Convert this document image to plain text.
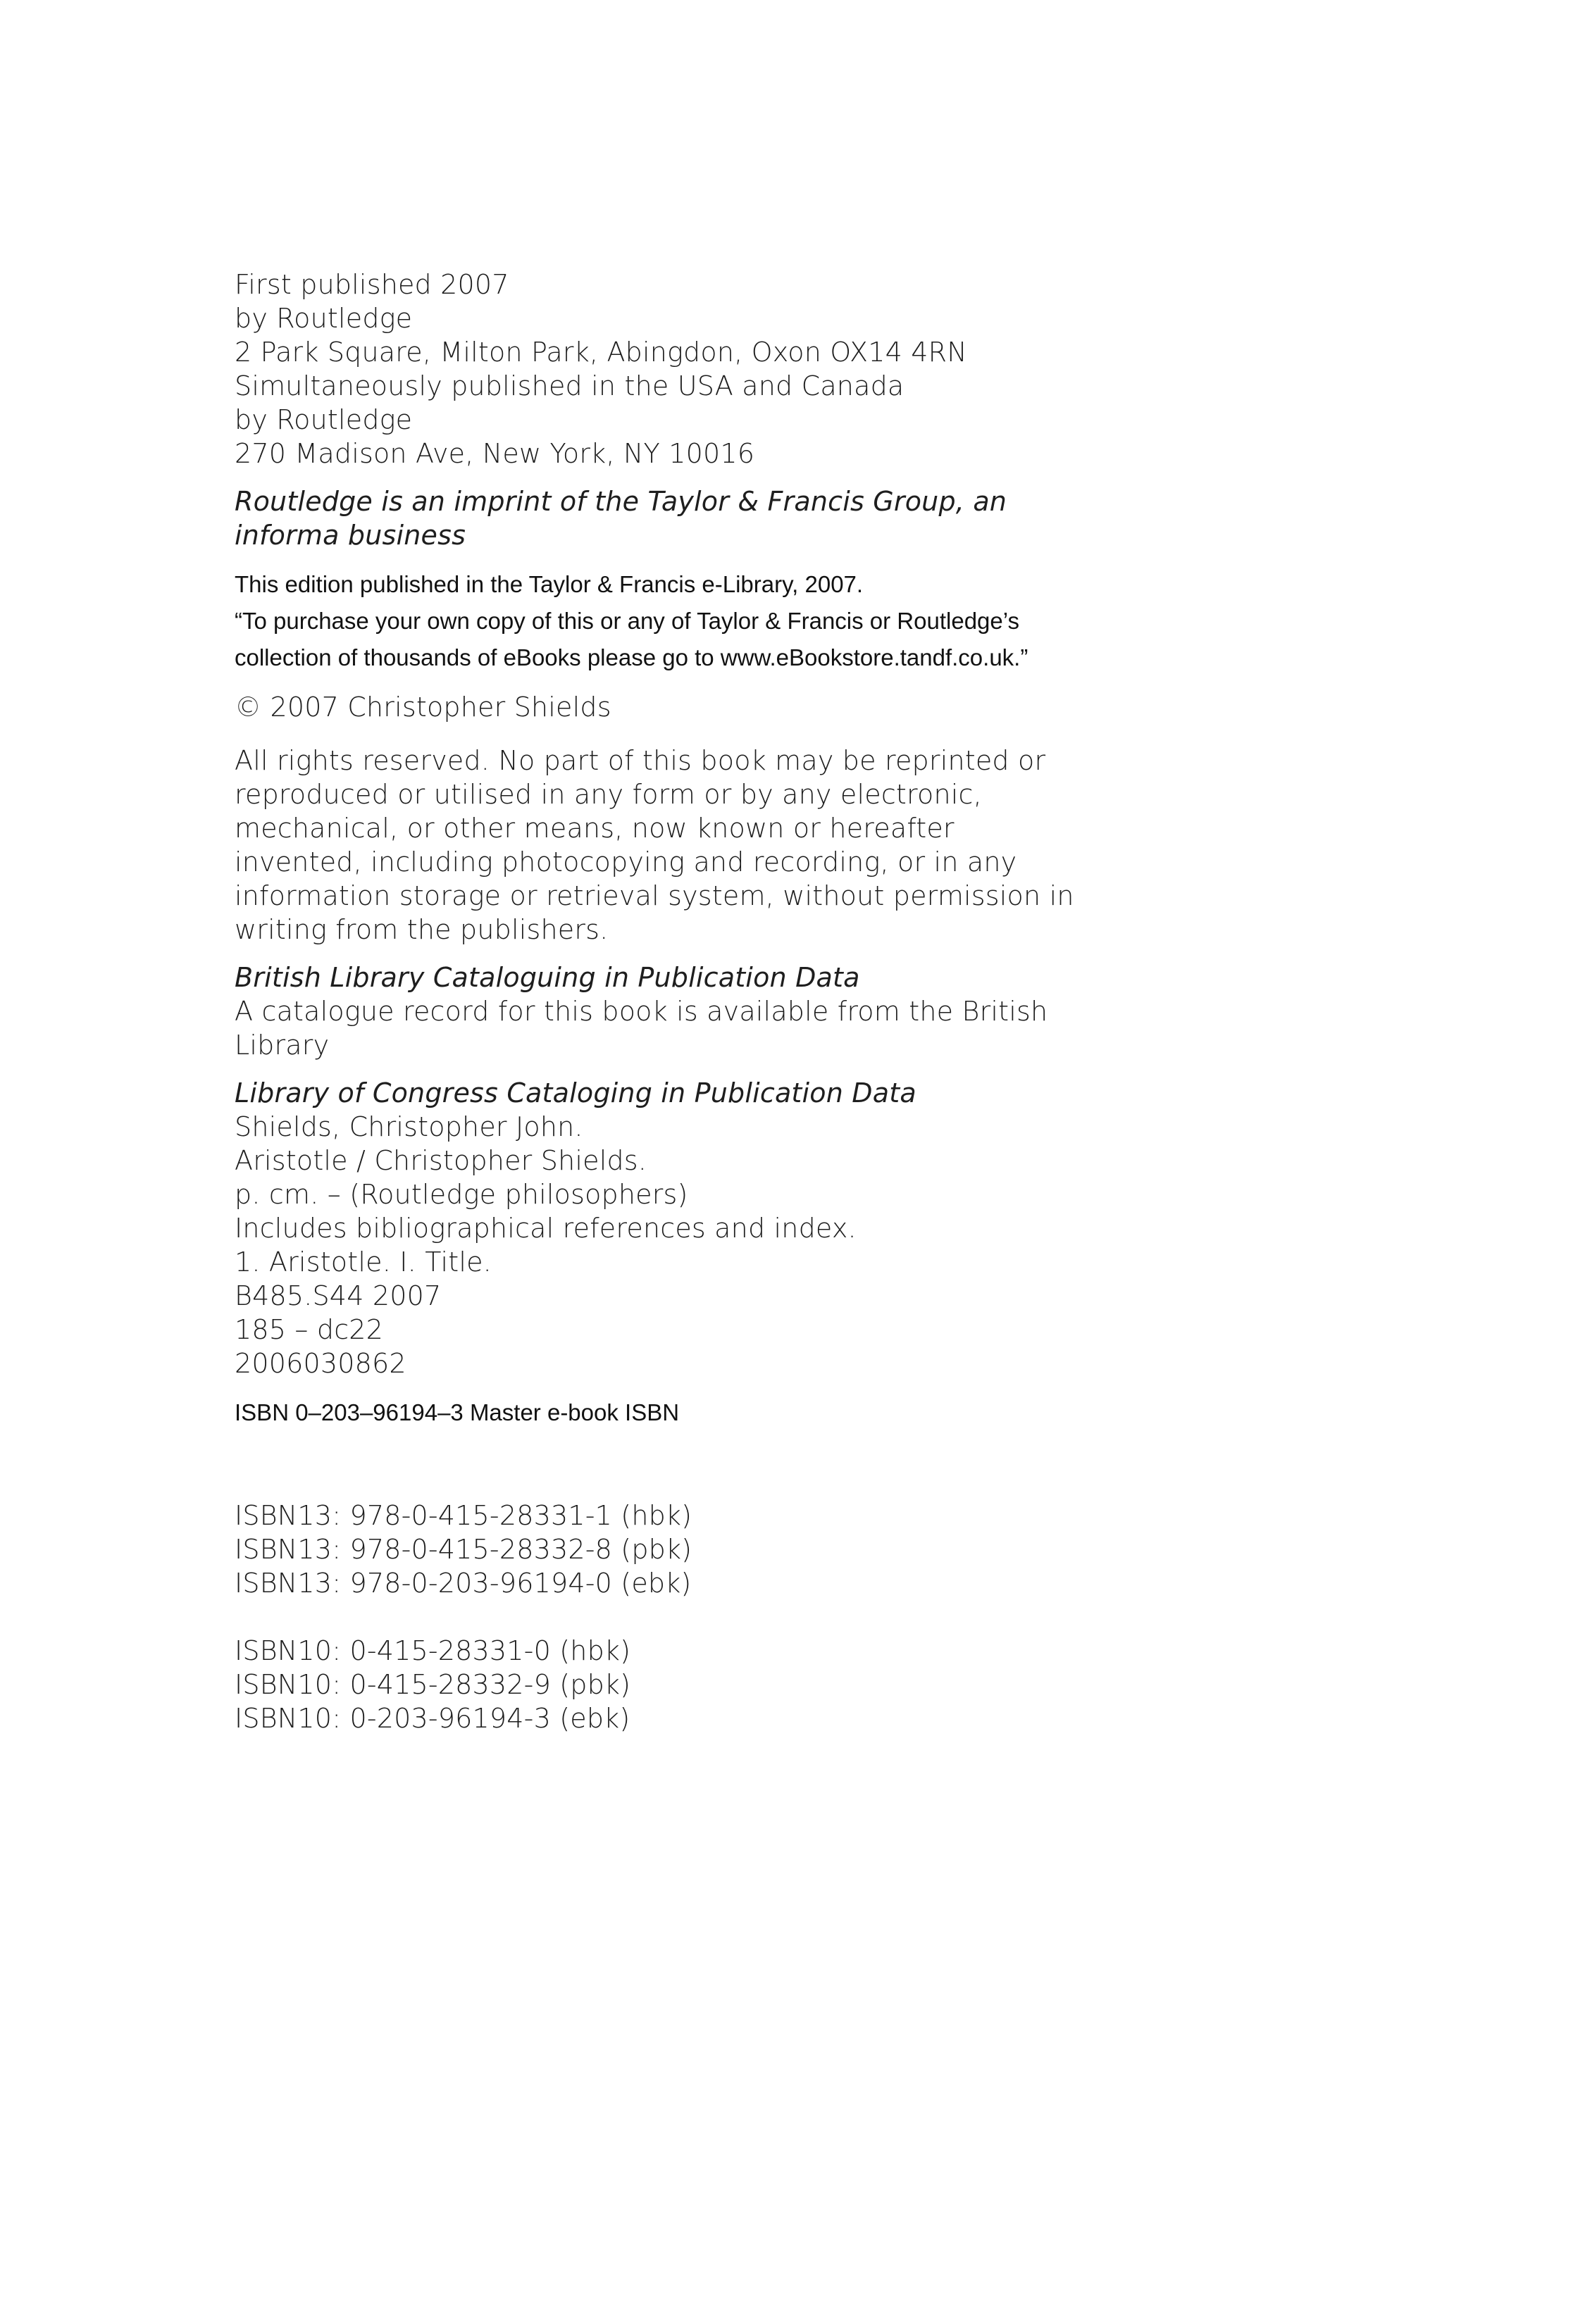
First published 2007
by Routledge
2 Park Square, Milton Park, Abingdon, Oxon OX14 4RN
Simultaneously published in the USA and Canada
by Routledge
270 Madison Ave, New York, NY 10016
Routledge is an imprint of the Taylor & Francis Group, an
informa business
This edition published in the Taylor & Francis e-Library, 2007.
“To purchase your own copy of this or any of Taylor & Francis or Routledge’s
collection of thousands of eBooks please go to www.eBookstore.tandf.co.uk.”
© 2007 Christopher Shields
All rights reserved. No part of this book may be reprinted or
reproduced or utilised in any form or by any electronic,
mechanical, or other means, now known or hereafter
invented, including photocopying and recording, or in any
information storage or retrieval system, without permission in
writing from the publishers.
British Library Cataloguing in Publication Data
A catalogue record for this book is available from the British
Library
Library of Congress Cataloging in Publication Data
Shields, Christopher John.
Aristotle / Christopher Shields.
p. cm. – (Routledge philosophers)
Includes bibliographical references and index.
1. Aristotle. I. Title.
B485.S44 2007
185 – dc22
2006030862
ISBN 0–203–96194–3 Master e-book ISBN
ISBN13: 978-0-415-28331-1 (hbk)
ISBN13: 978-0-415-28332-8 (pbk)
ISBN13: 978-0-203-96194-0 (ebk)
ISBN10: 0-415-28331-0 (hbk)
ISBN10: 0-415-28332-9 (pbk)
ISBN10: 0-203-96194-3 (ebk)
